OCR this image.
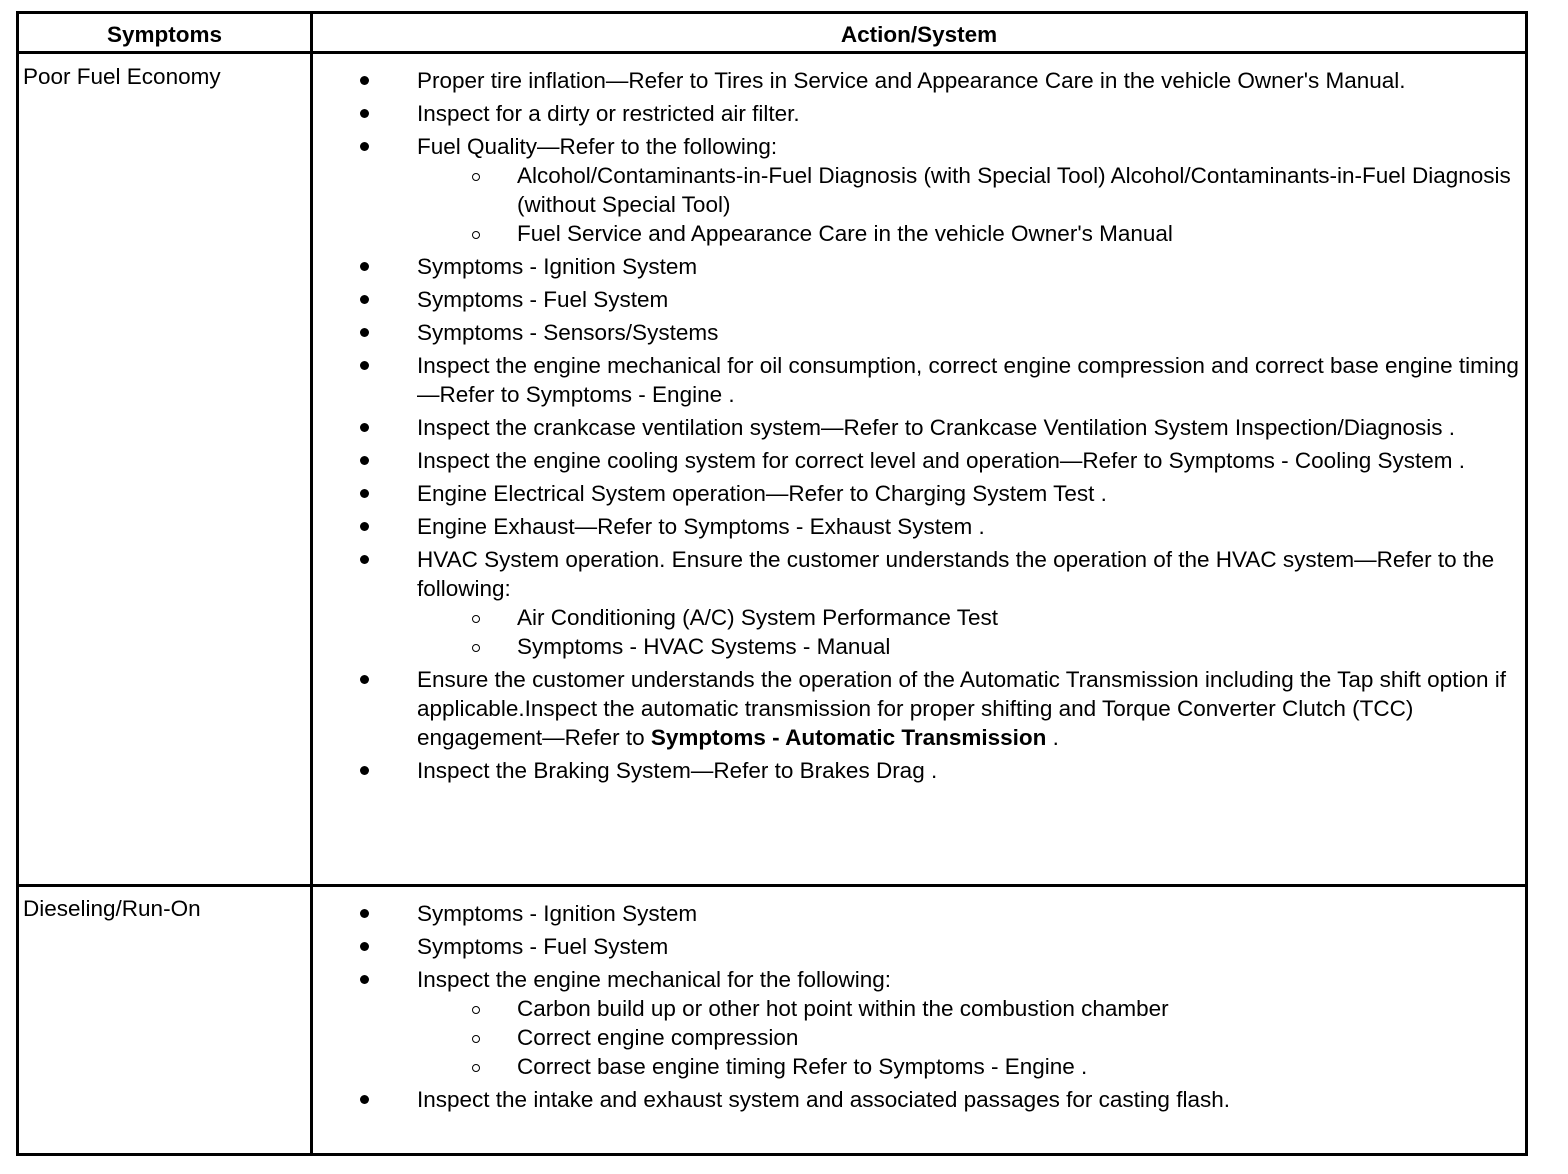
Symptoms	Action/System
Poor Fuel Economy	Proper tire inflation—Refer to Tires in Service and Appearance Care in the vehicle Owner's Manual.
Inspect for a dirty or restricted air filter.
Fuel Quality—Refer to the following:
Alcohol/Contaminants-in-Fuel Diagnosis (with Special Tool) Alcohol/Contaminants-in-Fuel Diagnosis (without Special Tool)
Fuel Service and Appearance Care in the vehicle Owner's Manual
Symptoms - Ignition System
Symptoms - Fuel System
Symptoms - Sensors/Systems
Inspect the engine mechanical for oil consumption, correct engine compression and correct base engine timing—Refer to Symptoms - Engine .
Inspect the crankcase ventilation system—Refer to Crankcase Ventilation System Inspection/Diagnosis .
Inspect the engine cooling system for correct level and operation—Refer to Symptoms - Cooling System .
Engine Electrical System operation—Refer to Charging System Test .
Engine Exhaust—Refer to Symptoms - Exhaust System .
HVAC System operation. Ensure the customer understands the operation of the HVAC system—Refer to the following:
Air Conditioning (A/C) System Performance Test
Symptoms - HVAC Systems - Manual
Ensure the customer understands the operation of the Automatic Transmission including the Tap shift option if applicable.Inspect the automatic transmission for proper shifting and Torque Converter Clutch (TCC) engagement—Refer to Symptoms - Automatic Transmission .
Inspect the Braking System—Refer to Brakes Drag .
Dieseling/Run-On	Symptoms - Ignition System
Symptoms - Fuel System
Inspect the engine mechanical for the following:
Carbon build up or other hot point within the combustion chamber
Correct engine compression
Correct base engine timing Refer to Symptoms - Engine .
Inspect the intake and exhaust system and associated passages for casting flash.
